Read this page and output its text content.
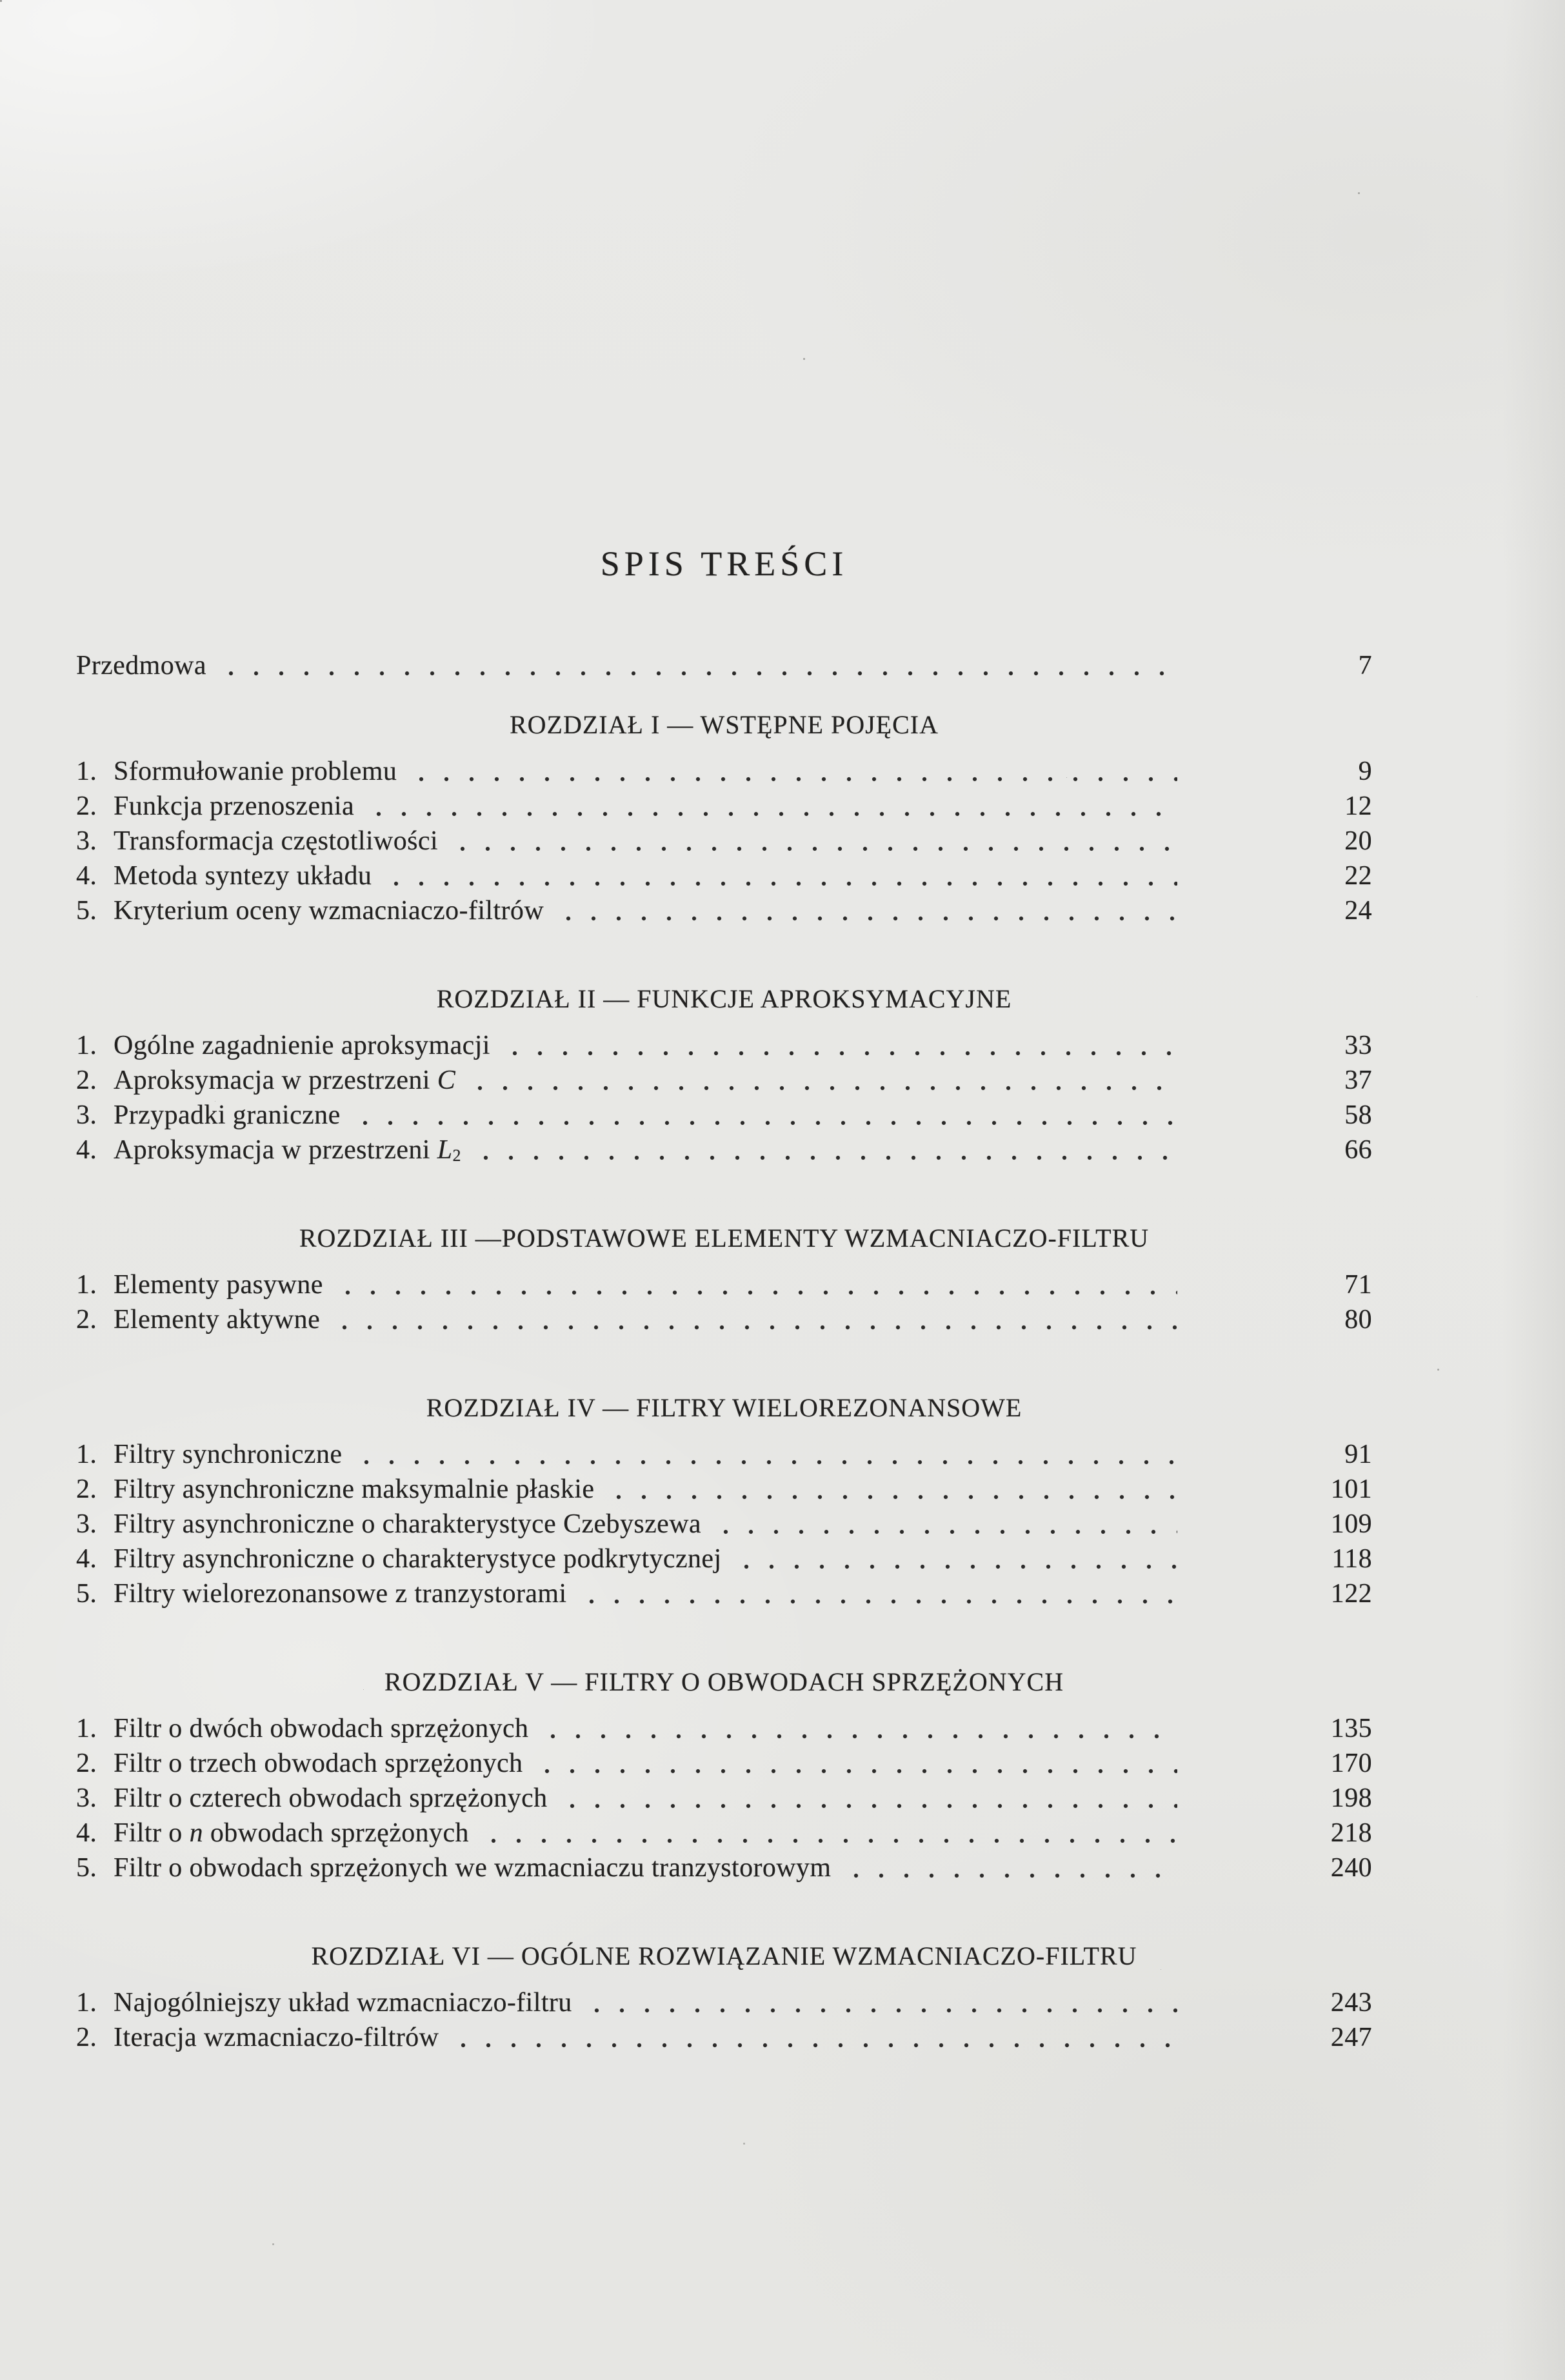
SPIS TREŚCI
Przedmowa	7
ROZDZIAŁ I — WSTĘPNE POJĘCIA
1. Sformułowanie problemu	9
2. Funkcja przenoszenia	12
3. Transformacja częstotliwości	20
4. Metoda syntezy układu	22
5. Kryterium oceny wzmacniaczo-filtrów	24
ROZDZIAŁ II — FUNKCJE APROKSYMACYJNE
1. Ogólne zagadnienie aproksymacji	33
2. Aproksymacja w przestrzeni C	37
3. Przypadki graniczne	58
4. Aproksymacja w przestrzeni $L_2$	66
ROZDZIAŁ III —PODSTAWOWE ELEMENTY WZMACNIACZO-FILTRU
1. Elementy pasywne	71
2. Elementy aktywne	80
ROZDZIAŁ IV — FILTRY WIELOREZONANSOWE
1. Filtry synchroniczne	91
2. Filtry asynchroniczne maksymalnie płaskie	101
3. Filtry asynchroniczne o charakterystyce Czebyszewa	109
4. Filtry asynchroniczne o charakterystyce podkrytycznej	118
5. Filtry wielorezonansowe z tranzystorami	122
ROZDZIAŁ V — FILTRY O OBWODACH SPRZĘŻONYCH
1. Filtr o dwóch obwodach sprzężonych	135
2. Filtr o trzech obwodach sprzężonych	170
3. Filtr o czterech obwodach sprzężonych	198
4. Filtr o n obwodach sprzężonych	218
5. Filtr o obwodach sprzężonych we wzmacniaczu tranzystorowym	240
ROZDZIAŁ VI — OGÓLNE ROZWIĄZANIE WZMACNIACZO-FILTRU
1. Najogólniejszy układ wzmacniaczo-filtru	243
2. Iteracja wzmacniaczo-filtrów	247
